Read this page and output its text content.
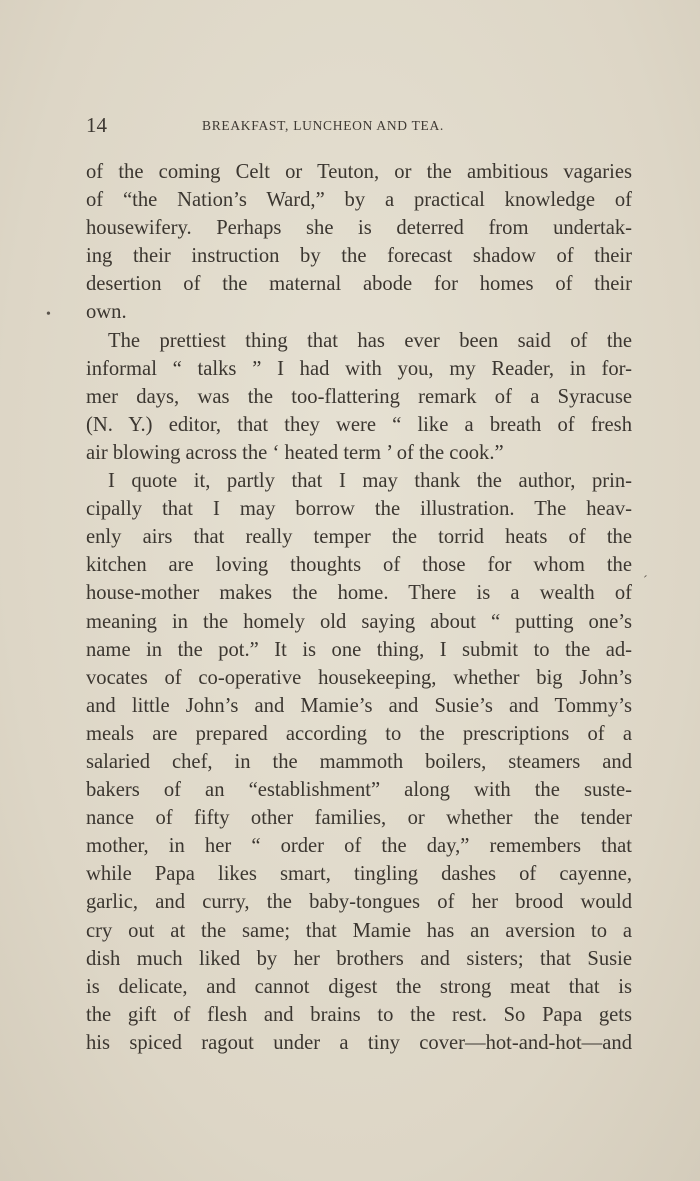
14	BREAKFAST, LUNCHEON AND TEA.
of the coming Celt or Teuton, or the ambitious vagaries
of “the Nation’s Ward,” by a practical knowledge of
housewifery. Perhaps she is deterred from undertak-
ing their instruction by the forecast shadow of their
desertion of the maternal abode for homes of their
own.
The prettiest thing that has ever been said of the
informal “ talks ” I had with you, my Reader, in for-
mer days, was the too-flattering remark of a Syracuse
(N. Y.) editor, that they were “ like a breath of fresh
air blowing across the ‘ heated term ’ of the cook.”
I quote it, partly that I may thank the author, prin-
cipally that I may borrow the illustration. The heav-
enly airs that really temper the torrid heats of the
kitchen are loving thoughts of those for whom the
house-mother makes the home. There is a wealth of
meaning in the homely old saying about “ putting one’s
name in the pot.” It is one thing, I submit to the ad-
vocates of co-operative housekeeping, whether big John’s
and little John’s and Mamie’s and Susie’s and Tommy’s
meals are prepared according to the prescriptions of a
salaried chef, in the mammoth boilers, steamers and
bakers of an “establishment” along with the suste-
nance of fifty other families, or whether the tender
mother, in her “ order of the day,” remembers that
while Papa likes smart, tingling dashes of cayenne,
garlic, and curry, the baby-tongues of her brood would
cry out at the same; that Mamie has an aversion to a
dish much liked by her brothers and sisters; that Susie
is delicate, and cannot digest the strong meat that is
the gift of flesh and brains to the rest. So Papa gets
his spiced ragout under a tiny cover—hot-and-hot—and
•
ˊ
